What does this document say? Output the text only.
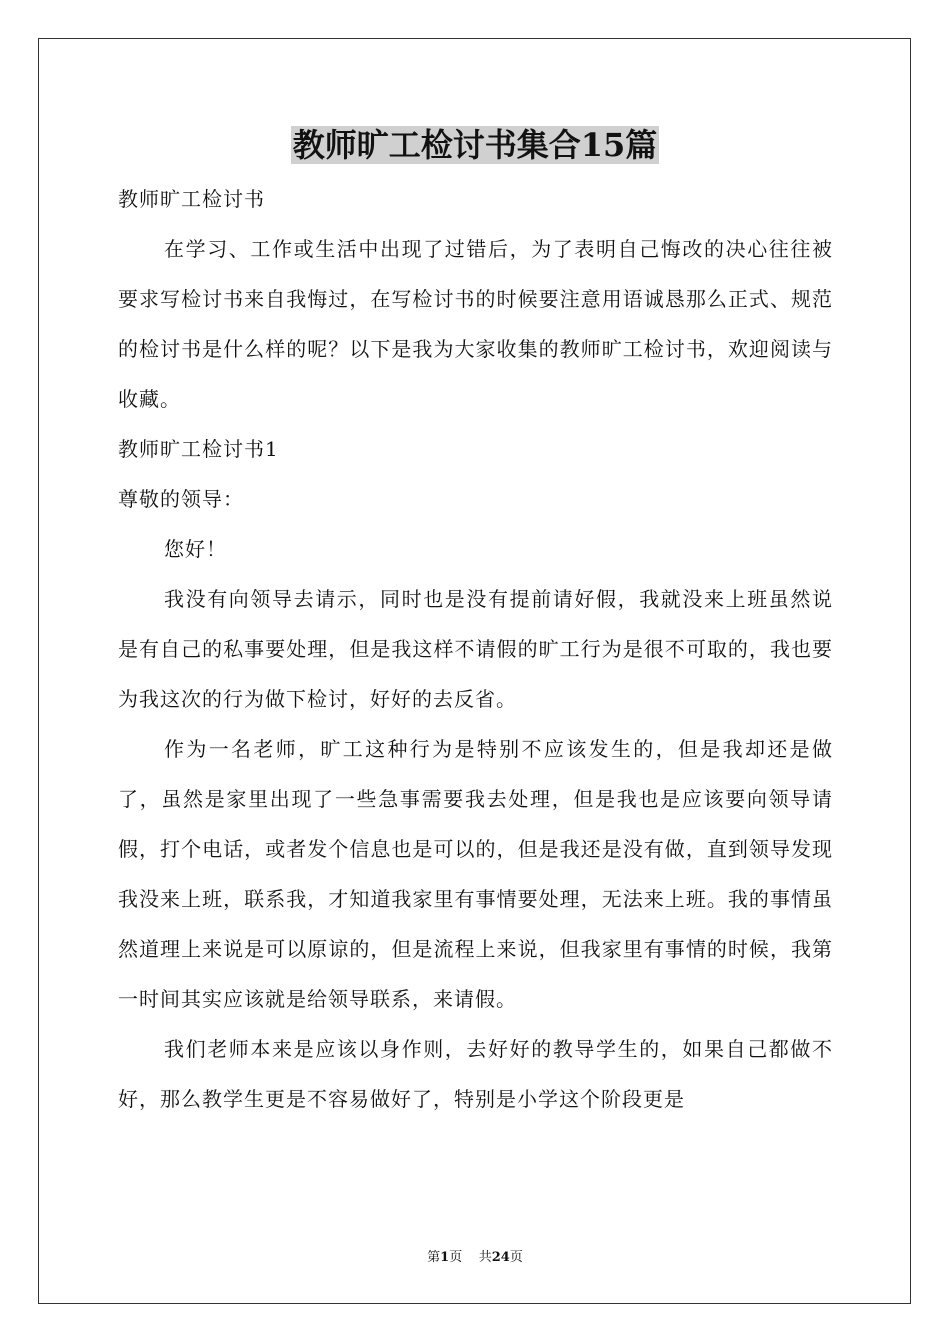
教师旷工检讨书集合15篇

教师旷工检讨书

在学习、工作或生活中出现了过错后，为了表明自己悔改的决心往往被要求写检讨书来自我悔过，在写检讨书的时候要注意用语诚恳那么正式、规范的检讨书是什么样的呢？以下是我为大家收集的教师旷工检讨书，欢迎阅读与收藏。

教师旷工检讨书1

尊敬的领导：

您好！

我没有向领导去请示，同时也是没有提前请好假，我就没来上班虽然说是有自己的私事要处理，但是我这样不请假的旷工行为是很不可取的，我也要为我这次的行为做下检讨，好好的去反省。

作为一名老师，旷工这种行为是特别不应该发生的，但是我却还是做了，虽然是家里出现了一些急事需要我去处理，但是我也是应该要向领导请假，打个电话，或者发个信息也是可以的，但是我还是没有做，直到领导发现我没来上班，联系我，才知道我家里有事情要处理，无法来上班。我的事情虽然道理上来说是可以原谅的，但是流程上来说，但我家里有事情的时候，我第一时间其实应该就是给领导联系，来请假。

我们老师本来是应该以身作则，去好好的教导学生的，如果自己都做不好，那么教学生更是不容易做好了，特别是小学这个阶段更是

第1页 共24页
